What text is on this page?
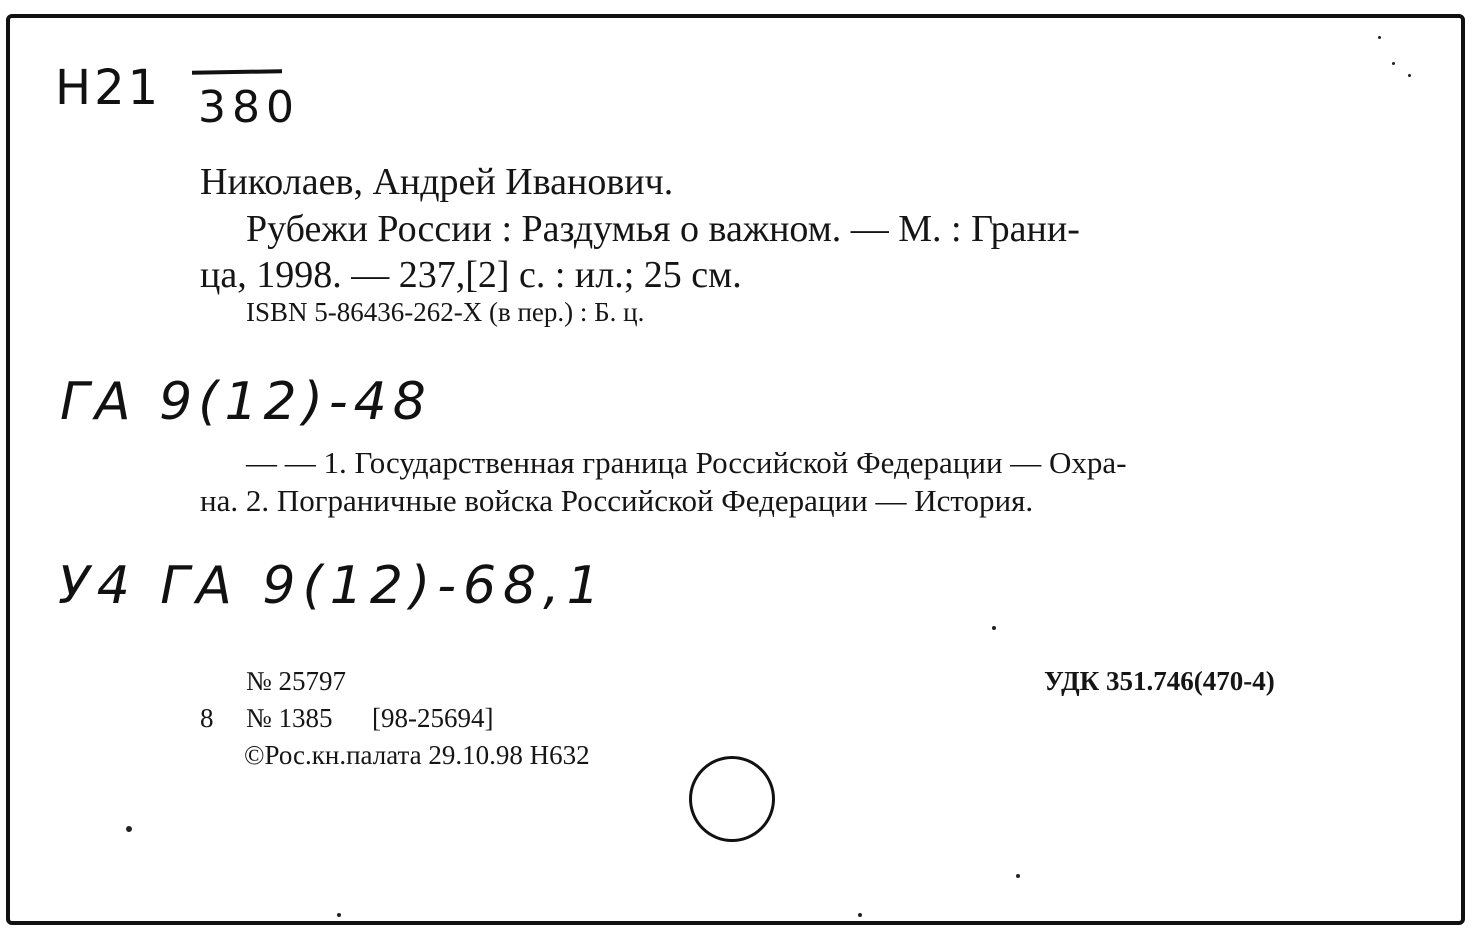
H21 380
Николаев, Андрей Иванович.
Рубежи России : Раздумья о важном. — М. : Грани-
ца, 1998. — 237,[2] с. : ил.; 25 см.
ISBN 5-86436-262-X (в пер.) : Б. ц.
ГА 9(12)-48
— — 1. Государственная граница Российской Федерации — Охра-
на. 2. Пограничные войска Российской Федерации — История.
У4 ГА 9(12)-68,1
№ 25797
8 № 1385 [98-25694]
©Рос.кн.палата 29.10.98 Н632
УДК 351.746(470-4)
